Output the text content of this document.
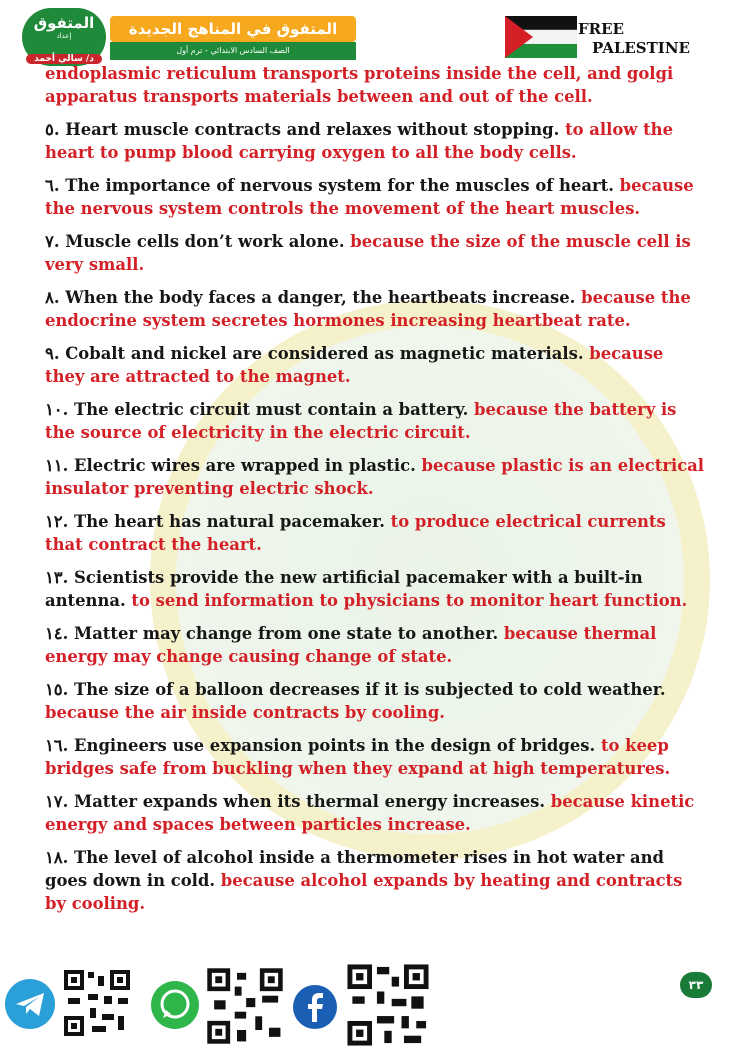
المتفوق
إعداد
د/ سالي أحمد
المتفوق في المناهج الجديدة
الصف السادس الابتدائي - ترم أول
FREE
PALESTINE
endoplasmic reticulum transports proteins inside the cell, and golgi apparatus transports materials between and out of the cell.
٥. Heart muscle contracts and relaxes without stopping. to allow the heart to pump blood carrying oxygen to all the body cells.
٦. The importance of nervous system for the muscles of heart. because the nervous system controls the movement of the heart muscles.
٧. Muscle cells don’t work alone. because the size of the muscle cell is very small.
٨. When the body faces a danger, the heartbeats increase. because the endocrine system secretes hormones increasing heartbeat rate.
٩. Cobalt and nickel are considered as magnetic materials. because they are attracted to the magnet.
١٠. The electric circuit must contain a battery. because the battery is the source of electricity in the electric circuit.
١١. Electric wires are wrapped in plastic. because plastic is an electrical insulator preventing electric shock.
١٢. The heart has natural pacemaker. to produce electrical currents that contract the heart.
١٣. Scientists provide the new artificial pacemaker with a built-in antenna. to send information to physicians to monitor heart function.
١٤. Matter may change from one state to another. because thermal energy may change causing change of state.
١٥. The size of a balloon decreases if it is subjected to cold weather. because the air inside contracts by cooling.
١٦. Engineers use expansion points in the design of bridges. to keep bridges safe from buckling when they expand at high temperatures.
١٧. Matter expands when its thermal energy increases. because kinetic energy and spaces between particles increase.
١٨. The level of alcohol inside a thermometer rises in hot water and goes down in cold. because alcohol expands by heating and contracts by cooling.
٣٣
